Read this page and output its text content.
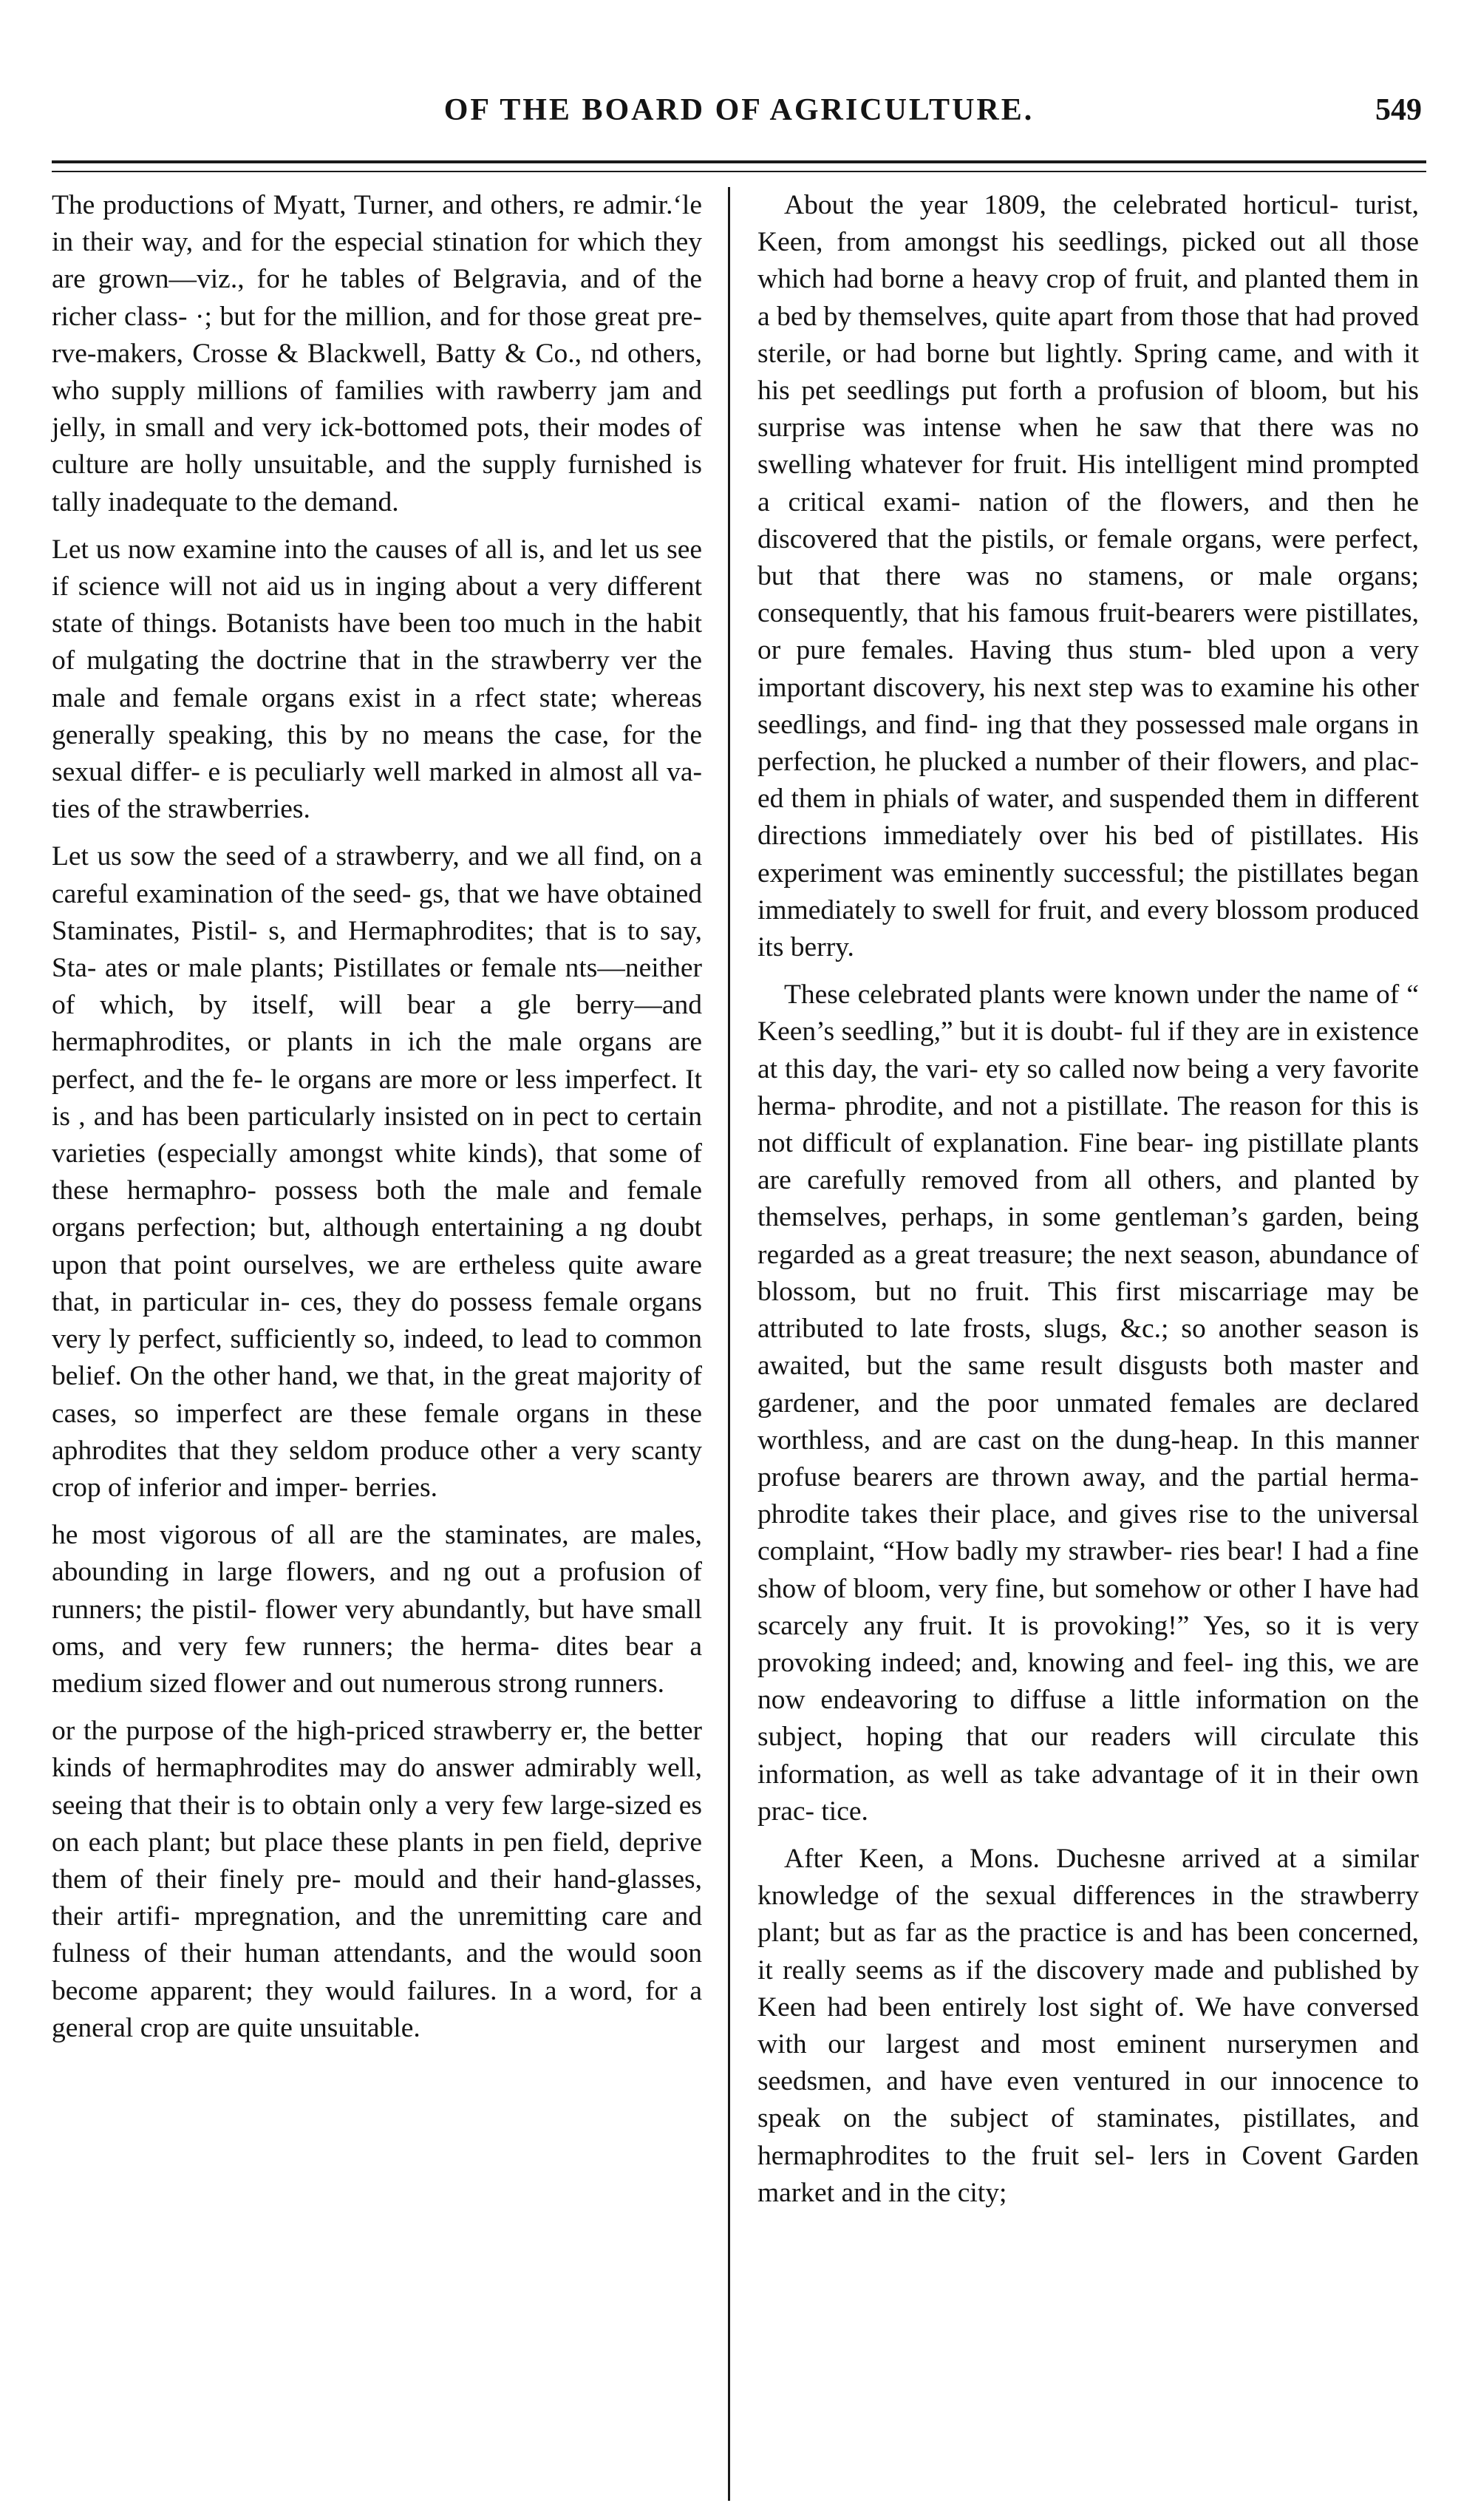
OF THE BOARD OF AGRICULTURE.	549

The productions of Myatt, Turner, and others, re admir.ʻle in their way, and for the especial stination for which they are grown—viz., for he tables of Belgravia, and of the richer class- ·; but for the million, and for those great pre- rve-makers, Crosse & Blackwell, Batty & Co., nd others, who supply millions of families with rawberry jam and jelly, in small and very ick-bottomed pots, their modes of culture are holly unsuitable, and the supply furnished is tally inadequate to the demand.

Let us now examine into the causes of all is, and let us see if science will not aid us in inging about a very different state of things. Botanists have been too much in the habit of mulgating the doctrine that in the strawberry ver the male and female organs exist in a rfect state; whereas generally speaking, this by no means the case, for the sexual differ- e is peculiarly well marked in almost all va- ties of the strawberries.

Let us sow the seed of a strawberry, and we all find, on a careful examination of the seed- gs, that we have obtained Staminates, Pistil- s, and Hermaphrodites; that is to say, Sta- ates or male plants; Pistillates or female nts—neither of which, by itself, will bear a gle berry—and hermaphrodites, or plants in ich the male organs are perfect, and the fe- le organs are more or less imperfect. It is , and has been particularly insisted on in pect to certain varieties (especially amongst white kinds), that some of these hermaphro- possess both the male and female organs perfection; but, although entertaining a ng doubt upon that point ourselves, we are ertheless quite aware that, in particular in- ces, they do possess female organs very ly perfect, sufficiently so, indeed, to lead to common belief. On the other hand, we that, in the great majority of cases, so imperfect are these female organs in these aphrodites that they seldom produce other a very scanty crop of inferior and imper- berries.

he most vigorous of all are the staminates, are males, abounding in large flowers, and ng out a profusion of runners; the pistil- flower very abundantly, but have small oms, and very few runners; the herma- dites bear a medium sized flower and out numerous strong runners.

or the purpose of the high-priced strawberry er, the better kinds of hermaphrodites may do answer admirably well, seeing that their is to obtain only a very few large-sized es on each plant; but place these plants in pen field, deprive them of their finely pre- mould and their hand-glasses, their artifi- mpregnation, and the unremitting care and fulness of their human attendants, and the would soon become apparent; they would failures. In a word, for a general crop are quite unsuitable.

About the year 1809, the celebrated horticul- turist, Keen, from amongst his seedlings, picked out all those which had borne a heavy crop of fruit, and planted them in a bed by themselves, quite apart from those that had proved sterile, or had borne but lightly. Spring came, and with it his pet seedlings put forth a profusion of bloom, but his surprise was intense when he saw that there was no swelling whatever for fruit. His intelligent mind prompted a critical exami- nation of the flowers, and then he discovered that the pistils, or female organs, were perfect, but that there was no stamens, or male organs; consequently, that his famous fruit-bearers were pistillates, or pure females. Having thus stum- bled upon a very important discovery, his next step was to examine his other seedlings, and find- ing that they possessed male organs in perfection, he plucked a number of their flowers, and plac- ed them in phials of water, and suspended them in different directions immediately over his bed of pistillates. His experiment was eminently successful; the pistillates began immediately to swell for fruit, and every blossom produced its berry.

These celebrated plants were known under the name of “ Keen’s seedling,” but it is doubt- ful if they are in existence at this day, the vari- ety so called now being a very favorite herma- phrodite, and not a pistillate. The reason for this is not difficult of explanation. Fine bear- ing pistillate plants are carefully removed from all others, and planted by themselves, perhaps, in some gentleman’s garden, being regarded as a great treasure; the next season, abundance of blossom, but no fruit. This first miscarriage may be attributed to late frosts, slugs, &c.; so another season is awaited, but the same result disgusts both master and gardener, and the poor unmated females are declared worthless, and are cast on the dung-heap. In this manner profuse bearers are thrown away, and the partial herma- phrodite takes their place, and gives rise to the universal complaint, “How badly my strawber- ries bear! I had a fine show of bloom, very fine, but somehow or other I have had scarcely any fruit. It is provoking!” Yes, so it is very provoking indeed; and, knowing and feel- ing this, we are now endeavoring to diffuse a little information on the subject, hoping that our readers will circulate this information, as well as take advantage of it in their own prac- tice.

After Keen, a Mons. Duchesne arrived at a similar knowledge of the sexual differences in the strawberry plant; but as far as the practice is and has been concerned, it really seems as if the discovery made and published by Keen had been entirely lost sight of. We have conversed with our largest and most eminent nurserymen and seedsmen, and have even ventured in our innocence to speak on the subject of staminates, pistillates, and hermaphrodites to the fruit sel- lers in Covent Garden market and in the city;
